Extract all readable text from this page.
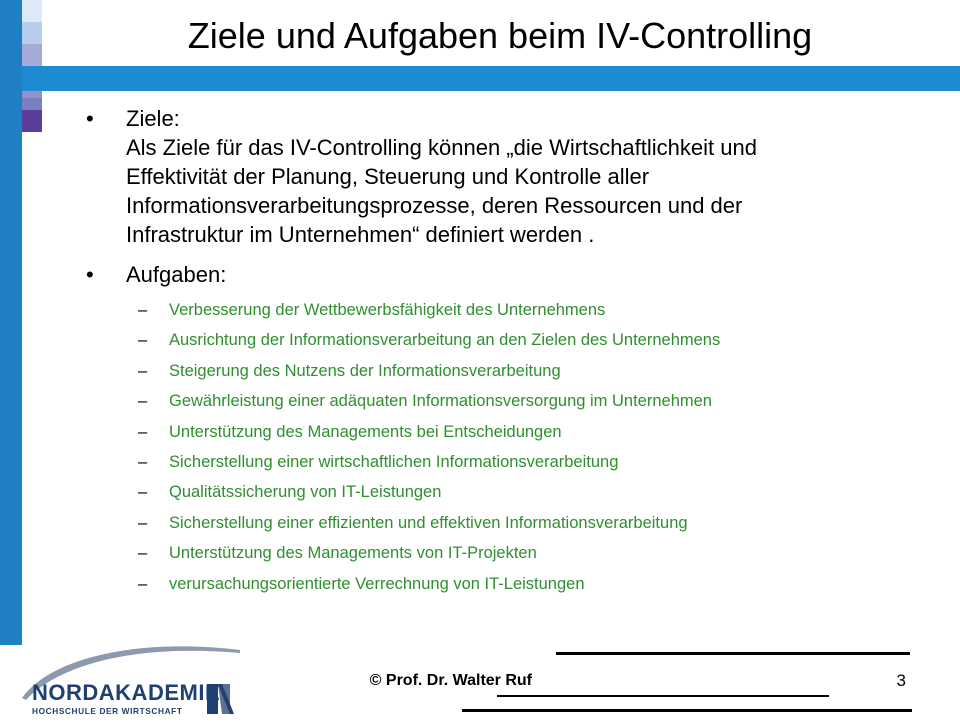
Ziele und Aufgaben beim IV-Controlling
• Ziele:
Als Ziele für das IV-Controlling können „die Wirtschaftlichkeit und
Effektivität der Planung, Steuerung und Kontrolle aller
Informationsverarbeitungsprozesse, deren Ressourcen und der
Infrastruktur im Unternehmen“ definiert werden .
• Aufgaben:
– Verbesserung der Wettbewerbsfähigkeit des Unternehmens
– Ausrichtung der Informationsverarbeitung an den Zielen des Unternehmens
– Steigerung des Nutzens der Informationsverarbeitung
– Gewährleistung einer adäquaten Informationsversorgung im Unternehmen
– Unterstützung des Managements bei Entscheidungen
– Sicherstellung einer wirtschaftlichen Informationsverarbeitung
– Qualitätssicherung von IT-Leistungen
– Sicherstellung einer effizienten und effektiven Informationsverarbeitung
– Unterstützung des Managements von IT-Projekten
– verursachungsorientierte Verrechnung von IT-Leistungen
© Prof. Dr. Walter Ruf	3
NORDAKADEMIE
HOCHSCHULE DER WIRTSCHAFT
